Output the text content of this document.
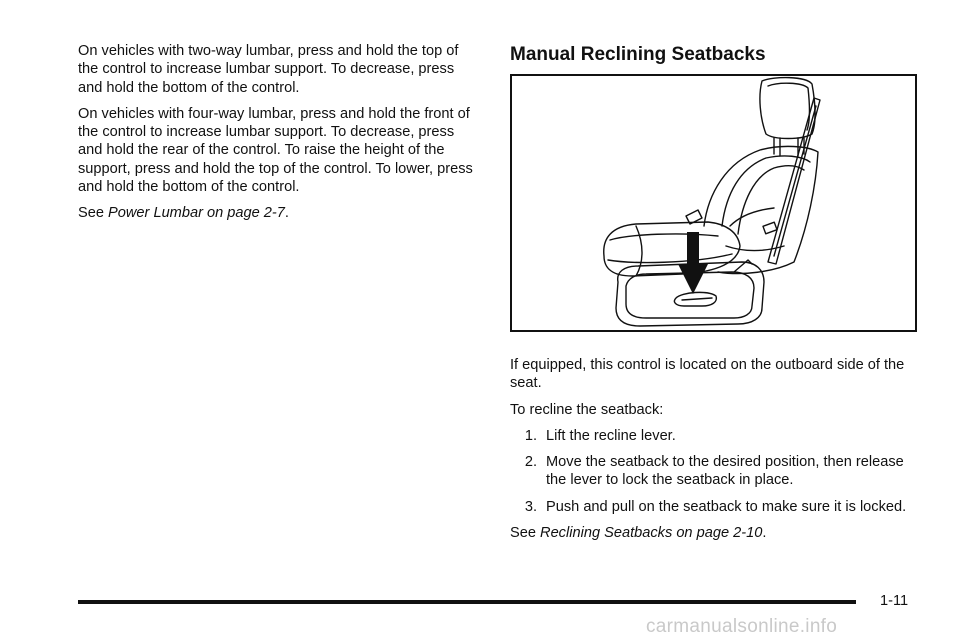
On vehicles with two-way lumbar, press and hold the top of the control to increase lumbar support. To decrease, press and hold the bottom of the control.

On vehicles with four-way lumbar, press and hold the front of the control to increase lumbar support. To decrease, press and hold the rear of the control. To raise the height of the support, press and hold the top of the control. To lower, press and hold the bottom of the control.

See Power Lumbar on page 2-7.

Manual Reclining Seatbacks

If equipped, this control is located on the outboard side of the seat.

To recline the seatback:

1. Lift the recline lever.
2. Move the seatback to the desired position, then release the lever to lock the seatback in place.
3. Push and pull on the seatback to make sure it is locked.

See Reclining Seatbacks on page 2-10.

1-11
carmanualsonline.info
